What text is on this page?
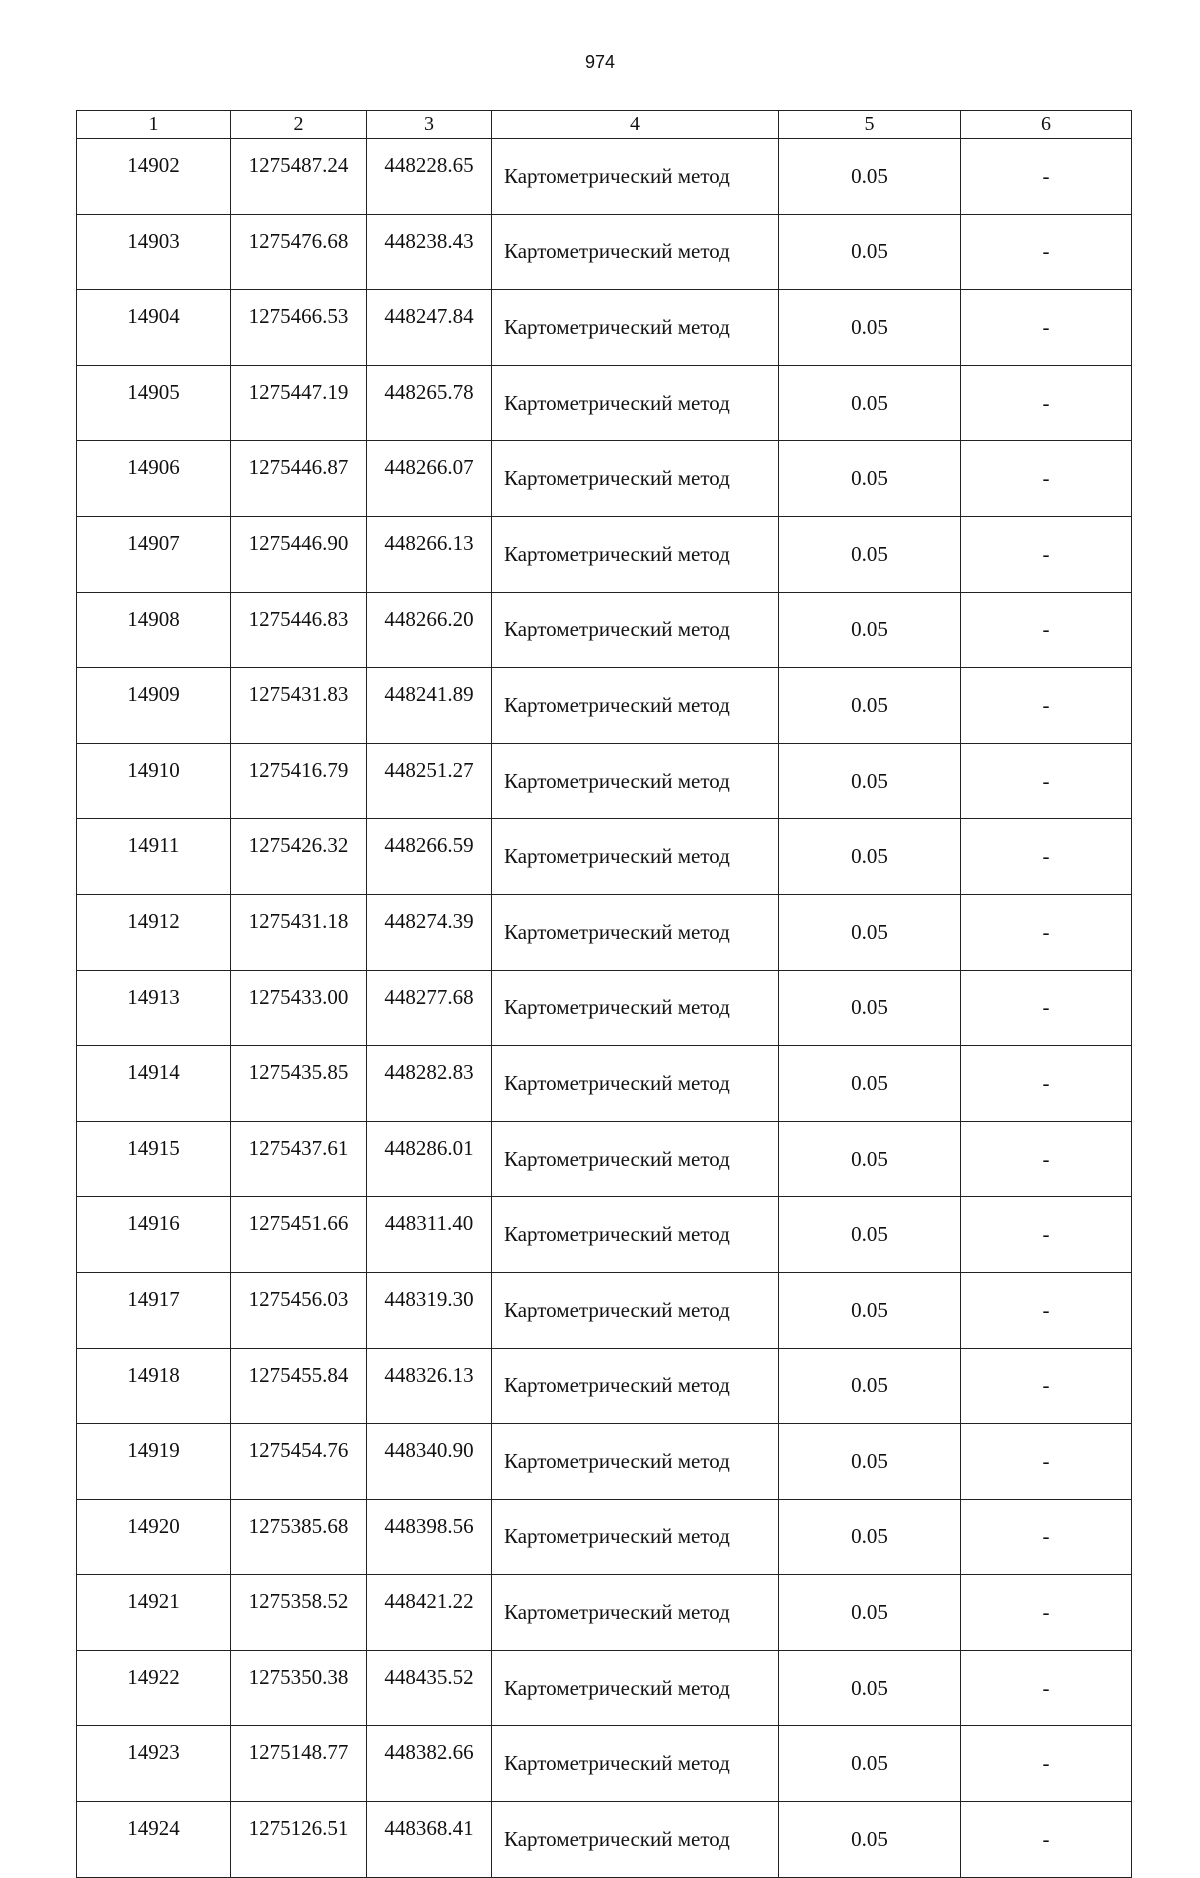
974
1	2	3	4	5	6
14902	1275487.24	448228.65	Картометрический метод	0.05	-
14903	1275476.68	448238.43	Картометрический метод	0.05	-
14904	1275466.53	448247.84	Картометрический метод	0.05	-
14905	1275447.19	448265.78	Картометрический метод	0.05	-
14906	1275446.87	448266.07	Картометрический метод	0.05	-
14907	1275446.90	448266.13	Картометрический метод	0.05	-
14908	1275446.83	448266.20	Картометрический метод	0.05	-
14909	1275431.83	448241.89	Картометрический метод	0.05	-
14910	1275416.79	448251.27	Картометрический метод	0.05	-
14911	1275426.32	448266.59	Картометрический метод	0.05	-
14912	1275431.18	448274.39	Картометрический метод	0.05	-
14913	1275433.00	448277.68	Картометрический метод	0.05	-
14914	1275435.85	448282.83	Картометрический метод	0.05	-
14915	1275437.61	448286.01	Картометрический метод	0.05	-
14916	1275451.66	448311.40	Картометрический метод	0.05	-
14917	1275456.03	448319.30	Картометрический метод	0.05	-
14918	1275455.84	448326.13	Картометрический метод	0.05	-
14919	1275454.76	448340.90	Картометрический метод	0.05	-
14920	1275385.68	448398.56	Картометрический метод	0.05	-
14921	1275358.52	448421.22	Картометрический метод	0.05	-
14922	1275350.38	448435.52	Картометрический метод	0.05	-
14923	1275148.77	448382.66	Картометрический метод	0.05	-
14924	1275126.51	448368.41	Картометрический метод	0.05	-
